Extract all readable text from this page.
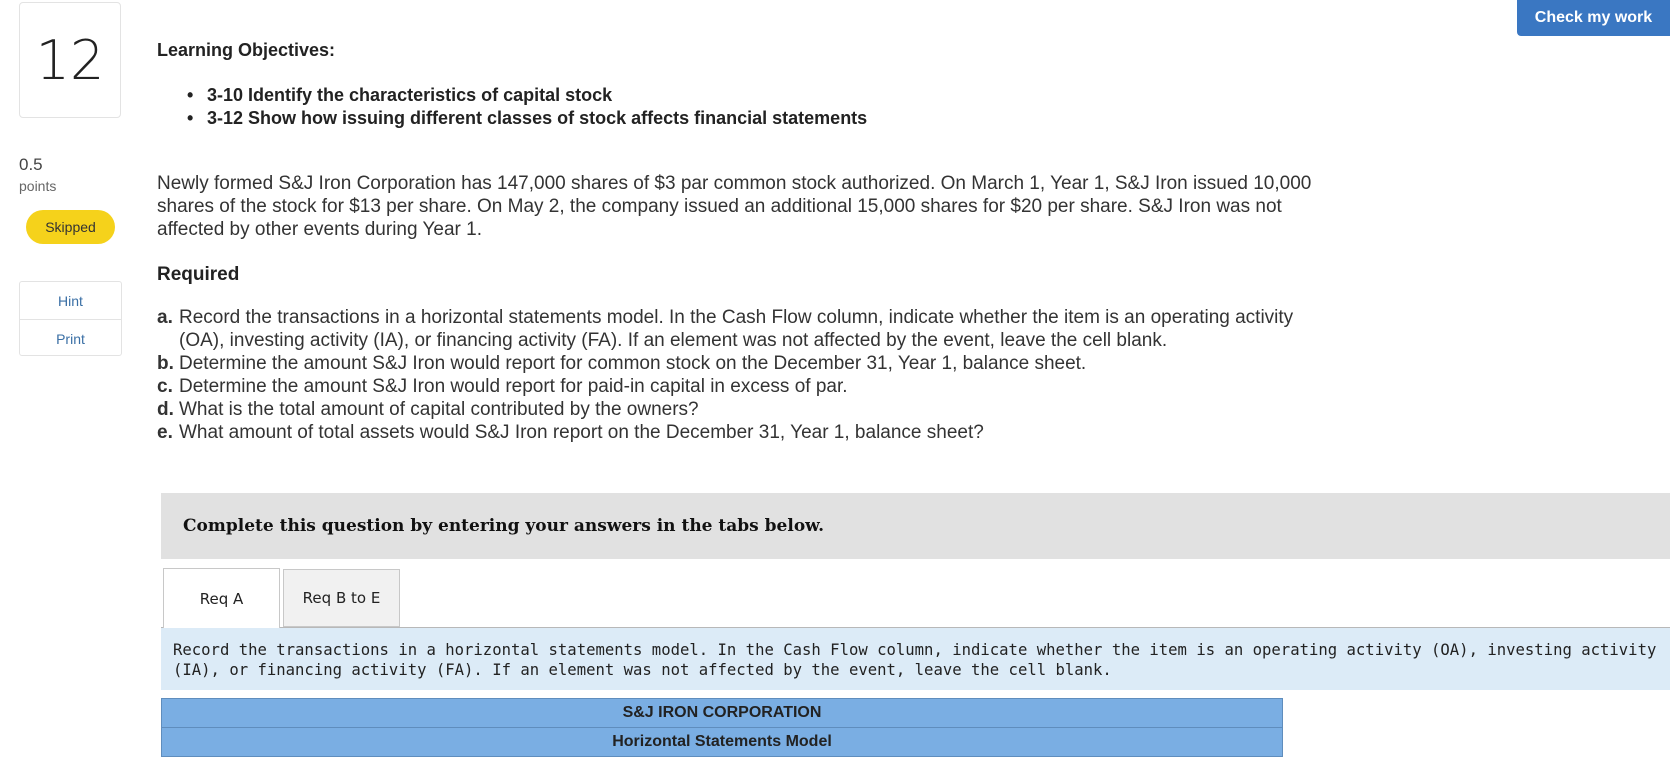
12
0.5
points
Skipped
Hint
Print
Check my work
Learning Objectives:
• 3-10 Identify the characteristics of capital stock
• 3-12 Show how issuing different classes of stock affects financial statements
Newly formed S&J Iron Corporation has 147,000 shares of $3 par common stock authorized. On March 1, Year 1, S&J Iron issued 10,000 shares of the stock for $13 per share. On May 2, the company issued an additional 15,000 shares for $20 per share. S&J Iron was not affected by other events during Year 1.
Required
a. Record the transactions in a horizontal statements model. In the Cash Flow column, indicate whether the item is an operating activity (OA), investing activity (IA), or financing activity (FA). If an element was not affected by the event, leave the cell blank.
b. Determine the amount S&J Iron would report for common stock on the December 31, Year 1, balance sheet.
c. Determine the amount S&J Iron would report for paid-in capital in excess of par.
d. What is the total amount of capital contributed by the owners?
e. What amount of total assets would S&J Iron report on the December 31, Year 1, balance sheet?
Complete this question by entering your answers in the tabs below.
Req A	Req B to E
Record the transactions in a horizontal statements model. In the Cash Flow column, indicate whether the item is an operating activity (OA), investing activity (IA), or financing activity (FA). If an element was not affected by the event, leave the cell blank.
S&J IRON CORPORATION
Horizontal Statements Model
